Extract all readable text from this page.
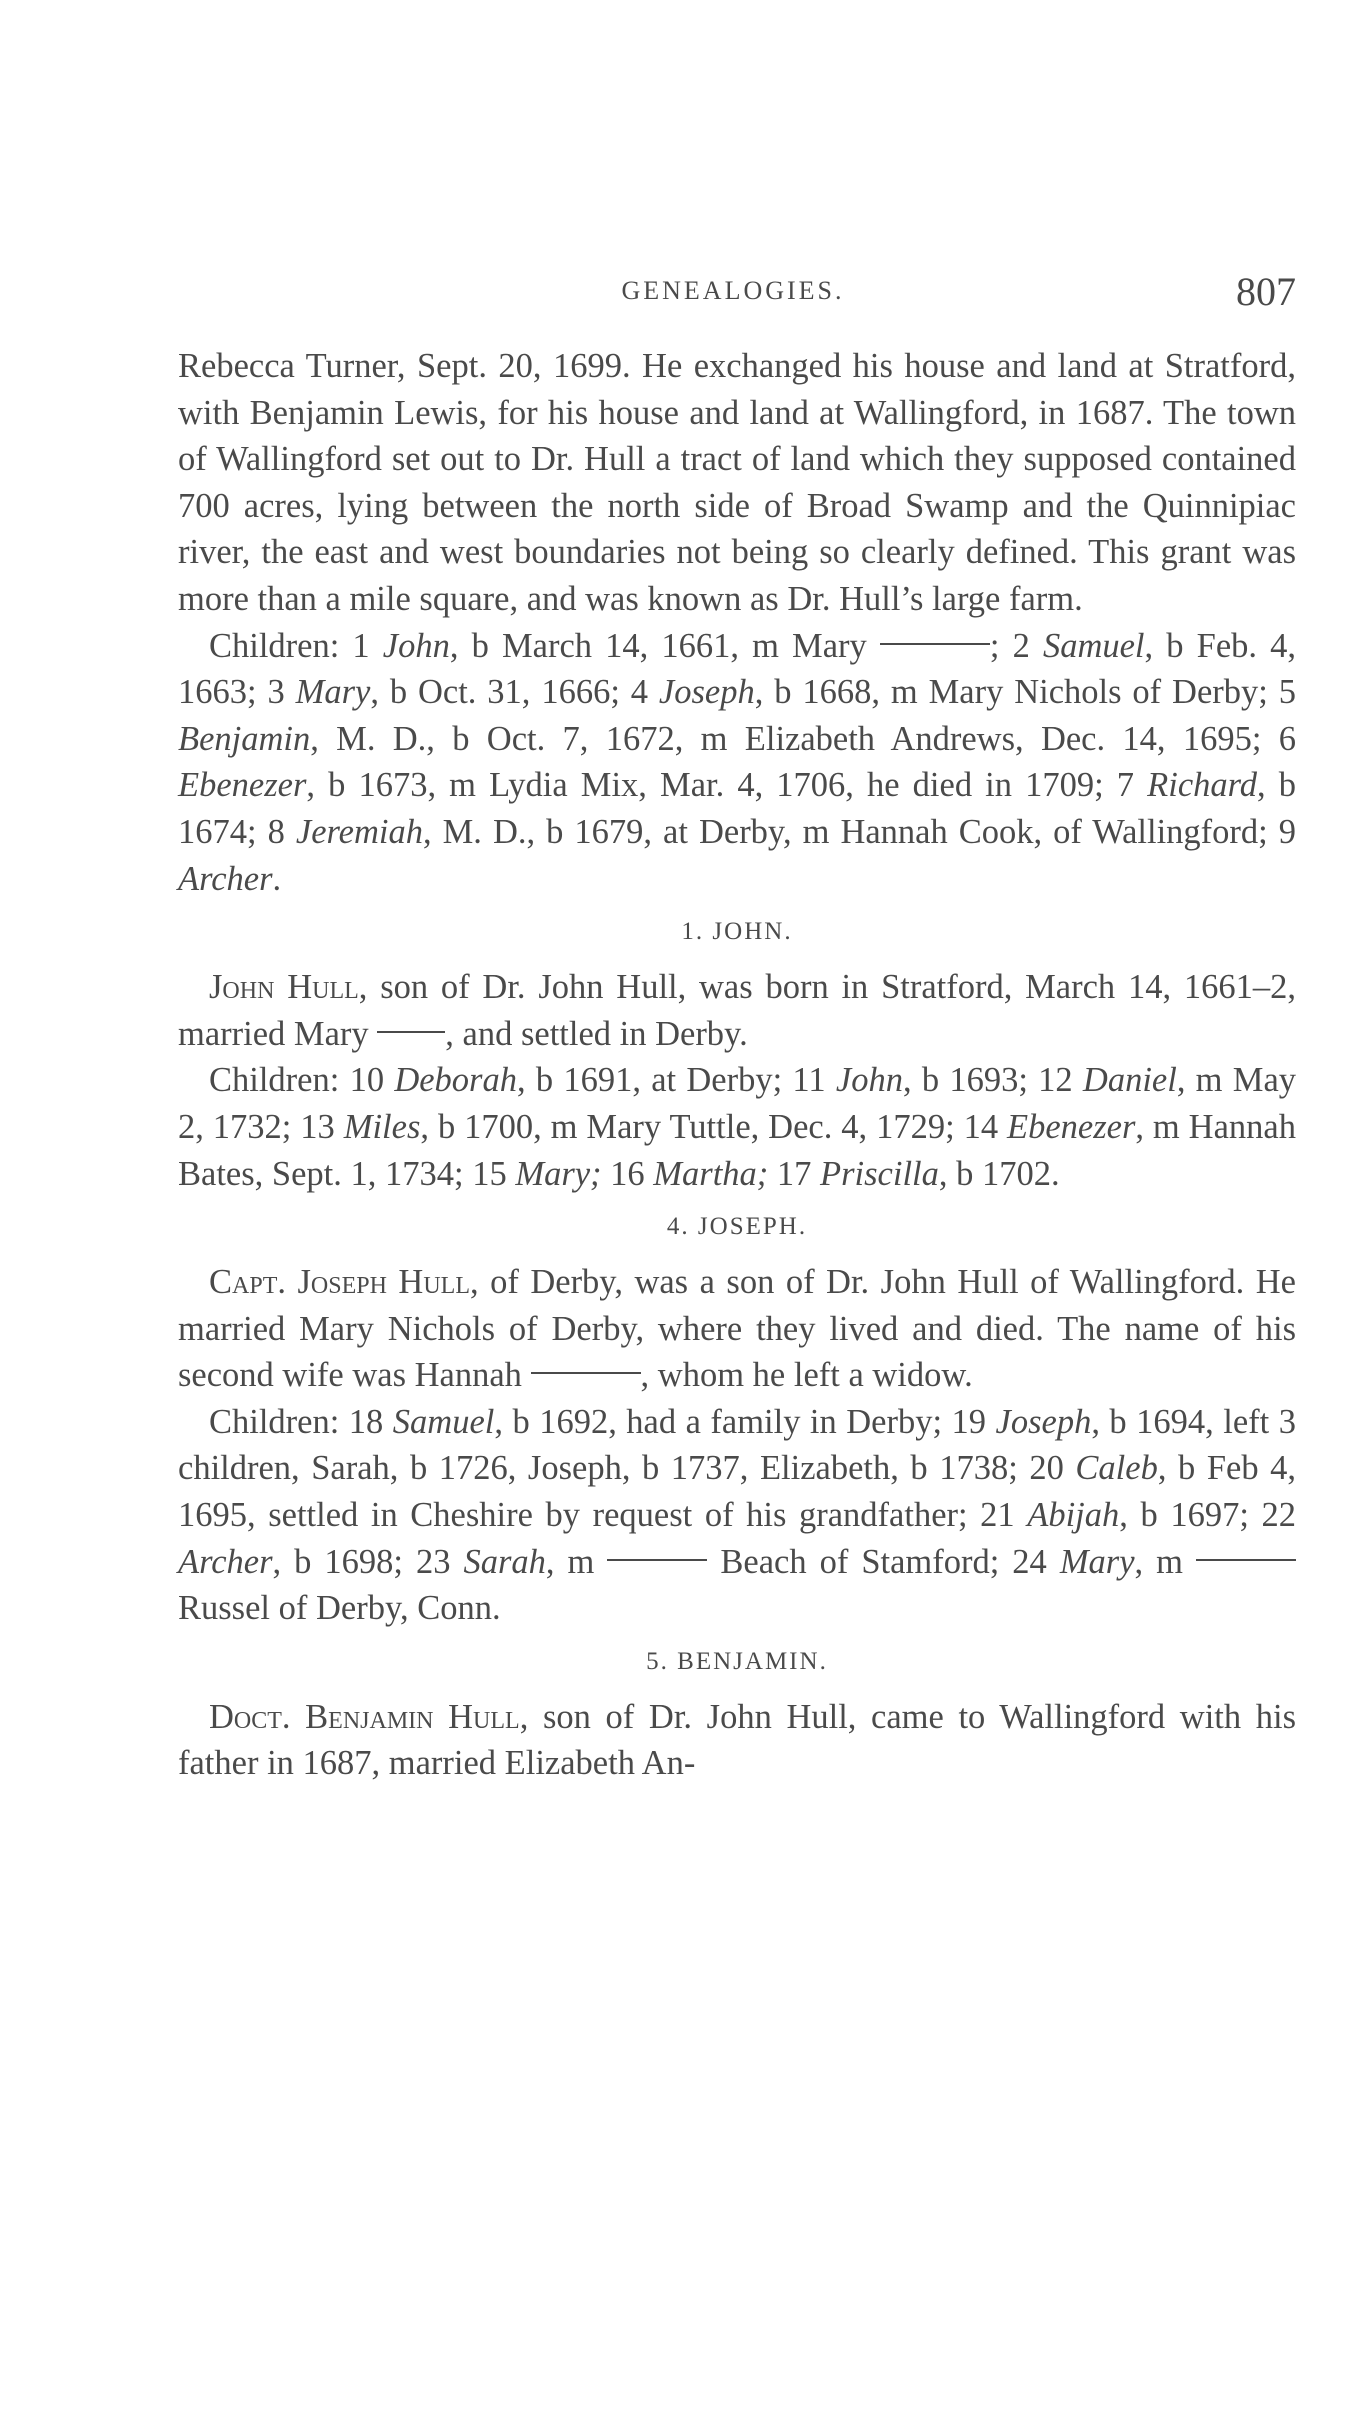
GENEALOGIES.	807

Rebecca Turner, Sept. 20, 1699. He exchanged his house and land at Stratford, with Benjamin Lewis, for his house and land at Wallingford, in 1687. The town of Wallingford set out to Dr. Hull a tract of land which they supposed contained 700 acres, lying between the north side of Broad Swamp and the Quinnipiac river, the east and west boundaries not being so clearly defined. This grant was more than a mile square, and was known as Dr. Hull’s large farm.

Children: 1 John, b March 14, 1661, m Mary	; 2 Samuel, b Feb. 4, 1663; 3 Mary, b Oct. 31, 1666; 4 Joseph, b 1668, m Mary Nichols of Derby; 5 Benjamin, M. D., b Oct. 7, 1672, m Elizabeth Andrews, Dec. 14, 1695; 6 Ebenezer, b 1673, m Lydia Mix, Mar. 4, 1706, he died in 1709; 7 Richard, b 1674; 8 Jeremiah, M. D., b 1679, at Derby, m Hannah Cook, of Wallingford; 9 Archer.

1. JOHN.

John Hull, son of Dr. John Hull, was born in Stratford, March 14, 1661–2, married Mary , and settled in Derby.

Children: 10 Deborah, b 1691, at Derby; 11 John, b 1693; 12 Daniel, m May 2, 1732; 13 Miles, b 1700, m Mary Tuttle, Dec. 4, 1729; 14 Ebenezer, m Hannah Bates, Sept. 1, 1734; 15 Mary; 16 Martha; 17 Priscilla, b 1702.

4. JOSEPH.

Capt. Joseph Hull, of Derby, was a son of Dr. John Hull of Wallingford. He married Mary Nichols of Derby, where they lived and died. The name of his second wife was Hannah	, whom he left a widow.

Children: 18 Samuel, b 1692, had a family in Derby; 19 Joseph, b 1694, left 3 children, Sarah, b 1726, Joseph, b 1737, Elizabeth, b 1738; 20 Caleb, b Feb 4, 1695, settled in Cheshire by request of his grandfather; 21 Abijah, b 1697; 22 Archer, b 1698; 23 Sarah, m	Beach of Stamford; 24 Mary, m  Russel of Derby, Conn.

5. BENJAMIN.

Doct. Benjamin Hull, son of Dr. John Hull, came to Wallingford with his father in 1687, married Elizabeth An-
